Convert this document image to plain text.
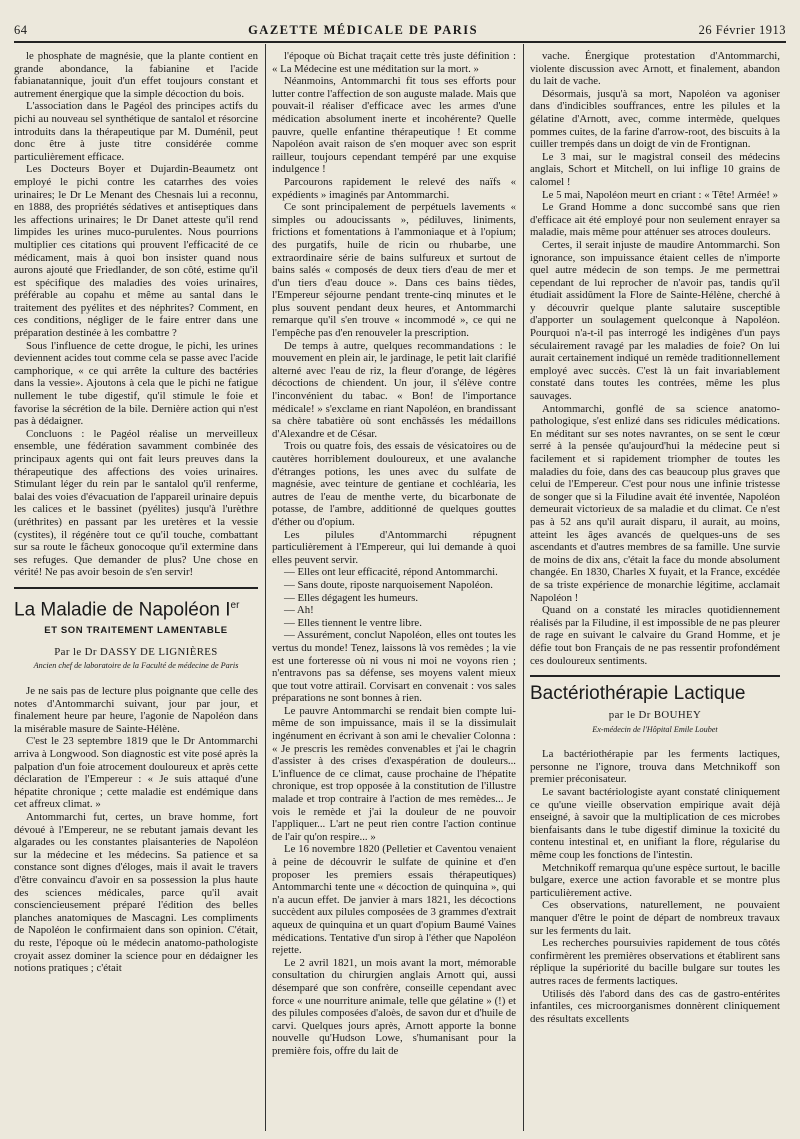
64	GAZETTE MÉDICALE DE PARIS	26 Février 1913

le phosphate de magnésie, que la plante contient en grande abondance, la fabianine et l'acide fabianatannique, jouit d'un effet toujours constant et autrement énergique que la simple décoction du bois.

L'association dans le Pagéol des principes actifs du pichi au nouveau sel synthétique de santalol et résorcine introduits dans la thérapeutique par M. Duménil, peut donc être à juste titre considérée comme particulièrement efficace.

Les Docteurs Boyer et Dujardin-Beaumetz ont employé le pichi contre les catarrhes des voies urinaires; le Dr Le Menant des Chesnais lui a reconnu, en 1888, des propriétés sédatives et antiseptiques dans les affections urinaires; le Dr Danet atteste qu'il rend limpides les urines muco-purulentes. Nous pourrions multiplier ces citations qui prouvent l'efficacité de ce médicament, mais à quoi bon insister quand nous aurons ajouté que Friedlander, de son côté, estime qu'il est spécifique des maladies des voies urinaires, préférable au copahu et même au santal dans le traitement des pyélites et des néphrites? Comment, en ces conditions, négliger de le faire entrer dans une préparation destinée à les combattre ?

Sous l'influence de cette drogue, le pichi, les urines deviennent acides tout comme cela se passe avec l'acide camphorique, « ce qui arrête la culture des bactéries dans la vessie». Ajoutons à cela que le pichi ne fatigue nullement le tube digestif, qu'il stimule le foie et favorise la sécrétion de la bile. Dernière action qui n'est pas à dédaigner.

Concluons : le Pagéol réalise un merveilleux ensemble, une fédération savamment combinée des principaux agents qui ont fait leurs preuves dans la thérapeutique des affections des voies urinaires. Stimulant léger du rein par le santalol qu'il renferme, balai des voies d'évacuation de l'appareil urinaire depuis les calices et le bassinet (pyélites) jusqu'à l'urèthre (uréthrites) en passant par les uretères et la vessie (cystites), il régénère tout ce qu'il touche, combattant sur sa route le fâcheux gonocoque qu'il extermine dans ses refuges. Que demander de plus? Une chose en vérité! Ne pas avoir besoin de s'en servir!

La Maladie de Napoléon Ier
ET SON TRAITEMENT LAMENTABLE
Par le Dr DASSY DE LIGNIÈRES
Ancien chef de laboratoire de la Faculté de médecine de Paris

Je ne sais pas de lecture plus poignante que celle des notes d'Antommarchi suivant, jour par jour, et finalement heure par heure, l'agonie de Napoléon dans la misérable masure de Sainte-Hélène.

C'est le 23 septembre 1819 que le Dr Antommarchi arriva à Longwood. Son diagnostic est vite posé après la palpation d'un foie atrocement douloureux et après cette déclaration de l'Empereur : « Je suis attaqué d'une hépatite chronique ; cette maladie est endémique dans cet affreux climat. »

Antommarchi fut, certes, un brave homme, fort dévoué à l'Empereur, ne se rebutant jamais devant les algarades ou les constantes plaisanteries de Napoléon sur la médecine et les médecins. Sa patience et sa constance sont dignes d'éloges, mais il avait le travers d'être convaincu d'avoir en sa possession la plus haute des sciences médicales, parce qu'il avait consciencieusement préparé l'édition des belles planches anatomiques de Mascagni. Les compliments de Napoléon le confirmaient dans son opinion. C'était, du reste, l'époque où le médecin anatomo-pathologiste croyait assez dominer la science pour en dédaigner les notions pratiques ; c'était

l'époque où Bichat traçait cette très juste définition : « La Médecine est une méditation sur la mort. »

Néanmoins, Antommarchi fit tous ses efforts pour lutter contre l'affection de son auguste malade. Mais que pouvait-il réaliser d'efficace avec les armes d'une médication absolument inerte et incohérente? Quelle pauvre, quelle enfantine thérapeutique ! Et comme Napoléon avait raison de s'en moquer avec son esprit railleur, toujours cependant tempéré par une exquise indulgence !

Parcourons rapidement le relevé des naïfs « expédients » imaginés par Antommarchi.

Ce sont principalement de perpétuels lavements « simples ou adoucissants », pédiluves, liniments, frictions et fomentations à l'ammoniaque et à l'opium; des purgatifs, huile de ricin ou rhubarbe, une extraordinaire série de bains sulfureux et surtout de bains salés « composés de deux tiers d'eau de mer et d'un tiers d'eau douce ». Dans ces bains tièdes, l'Empereur séjourne pendant trente-cinq minutes et le plus souvent pendant deux heures, et Antommarchi remarque qu'il s'en trouve « incommodé », ce qui ne l'empêche pas d'en renouveler la prescription.

De temps à autre, quelques recommandations : le mouvement en plein air, le jardinage, le petit lait clarifié alterné avec l'eau de riz, la fleur d'orange, de légères décoctions de chiendent. Un jour, il s'élève contre l'inconvénient du tabac. « Bon! de l'importance médicale! » s'exclame en riant Napoléon, en brandissant sa chère tabatière où sont enchâssés les médaillons d'Alexandre et de César.

Trois ou quatre fois, des essais de vésicatoires ou de cautères horriblement douloureux, et une avalanche d'étranges potions, les unes avec du sulfate de magnésie, avec teinture de gentiane et cochléaria, les autres de l'eau de menthe verte, du bicarbonate de potasse, de l'ambre, additionné de quelques gouttes d'éther ou d'opium.

Les pilules d'Antommarchi répugnent particulièrement à l'Empereur, qui lui demande à quoi elles peuvent servir.

— Elles ont leur efficacité, répond Antommarchi.

— Sans doute, riposte narquoisement Napoléon.

— Elles dégagent les humeurs.

— Ah!

— Elles tiennent le ventre libre.

— Assurément, conclut Napoléon, elles ont toutes les vertus du monde! Tenez, laissons là vos remèdes ; la vie est une forteresse où ni vous ni moi ne voyons rien ; n'entravons pas sa défense, ses moyens valent mieux que tout votre attirail. Corvisart en convenait : vos sales préparations ne sont bonnes à rien.

Le pauvre Antommarchi se rendait bien compte lui-même de son impuissance, mais il se la dissimulait ingénument en écrivant à son ami le chevalier Colonna : « Je prescris les remèdes convenables et j'ai le chagrin d'assister à des crises d'exaspération de douleurs... L'influence de ce climat, cause prochaine de l'hépatite chronique, est trop opposée à la constitution de l'illustre malade et trop contraire à l'action de mes remèdes... Je vois le remède et j'ai la douleur de ne pouvoir l'appliquer... L'art ne peut rien contre l'action continue de l'air qu'on respire... »

Le 16 novembre 1820 (Pelletier et Caventou venaient à peine de découvrir le sulfate de quinine et d'en proposer les premiers essais thérapeutiques) Antommarchi tente une « décoction de quinquina », qui n'a aucun effet. De janvier à mars 1821, les décoctions succèdent aux pilules composées de 3 grammes d'extrait aqueux de quinquina et un quart d'opium Baumé Vaines médications. Tentative d'un sirop à l'éther que Napoléon rejette.

Le 2 avril 1821, un mois avant la mort, mémorable consultation du chirurgien anglais Arnott qui, aussi désemparé que son confrère, conseille cependant avec force « une nourriture animale, telle que gélatine » (!) et des pilules composées d'aloès, de savon dur et d'huile de carvi. Quelques jours après, Arnott apporte la bonne nouvelle qu'Hudson Lowe, s'humanisant pour la première fois, offre du lait de

vache. Énergique protestation d'Antommarchi, violente discussion avec Arnott, et finalement, abandon du lait de vache.

Désormais, jusqu'à sa mort, Napoléon va agoniser dans d'indicibles souffrances, entre les pilules et la gélatine d'Arnott, avec, comme intermède, quelques pommes cuites, de la farine d'arrow-root, des biscuits à la cuiller trempés dans un doigt de vin de Frontignan.

Le 3 mai, sur le magistral conseil des médecins anglais, Schort et Mitchell, on lui inflige 10 grains de calomel !

Le 5 mai, Napoléon meurt en criant : « Tête! Armée! »

Le Grand Homme a donc succombé sans que rien d'efficace ait été employé pour non seulement enrayer sa maladie, mais même pour atténuer ses atroces douleurs.

Certes, il serait injuste de maudire Antommarchi. Son ignorance, son impuissance étaient celles de n'importe quel autre médecin de son temps. Je me permettrai cependant de lui reprocher de n'avoir pas, tandis qu'il étudiait assidûment la Flore de Sainte-Hélène, cherché à y découvrir quelque plante salutaire susceptible d'apporter un soulagement quelconque à Napoléon. Pourquoi n'a-t-il pas interrogé les indigènes d'un pays séculairement ravagé par les maladies de foie? On lui aurait certainement indiqué un remède traditionnellement employé avec succès. C'est là un fait invariablement constaté dans toutes les contrées, même les plus sauvages.

Antommarchi, gonflé de sa science anatomo-pathologique, s'est enlizé dans ses ridicules médications. En méditant sur ses notes navrantes, on se sent le cœur serré à la pensée qu'aujourd'hui la médecine peut si facilement et si rapidement triompher de toutes les maladies du foie, dans des cas beaucoup plus graves que celui de l'Empereur. C'est pour nous une infinie tristesse de songer que si la Filudine avait été inventée, Napoléon demeurait victorieux de sa maladie et du climat. Ce n'est pas à 52 ans qu'il aurait disparu, il aurait, au moins, atteint les âges avancés de quelques-uns de ses ascendants et d'autres membres de sa famille. Une survie de moins de dix ans, c'était la face du monde absolument changée. En 1830, Charles X fuyait, et la France, excédée de sa triste expérience de monarchie légitime, acclamait Napoléon !

Quand on a constaté les miracles quotidiennement réalisés par la Filudine, il est impossible de ne pas pleurer de rage en suivant le calvaire du Grand Homme, et je défie tout bon Français de ne pas ressentir profondément ces douloureux sentiments.

Bactériothérapie Lactique
par le Dr BOUHEY
Ex-médecin de l'Hôpital Emile Loubet

La bactériothérapie par les ferments lactiques, personne ne l'ignore, trouva dans Metchnikoff son premier préconisateur.

Le savant bactériologiste ayant constaté cliniquement ce qu'une vieille observation empirique avait déjà enseigné, à savoir que la multiplication de ces microbes bienfaisants dans le tube digestif diminue la toxicité du contenu intestinal et, en unifiant la flore, régularise du même coup les fonctions de l'intestin.

Metchnikoff remarqua qu'une espèce surtout, le bacille bulgare, exerce une action favorable et se montre plus particulièrement active.

Ces observations, naturellement, ne pouvaient manquer d'être le point de départ de nombreux travaux sur les ferments du lait.

Les recherches poursuivies rapidement de tous côtés confirmèrent les premières observations et établirent sans réplique la supériorité du bacille bulgare sur toutes les autres races de ferments lactiques.

Utilisés dès l'abord dans des cas de gastro-entérites infantiles, ces microorganismes donnèrent cliniquement des résultats excellents
